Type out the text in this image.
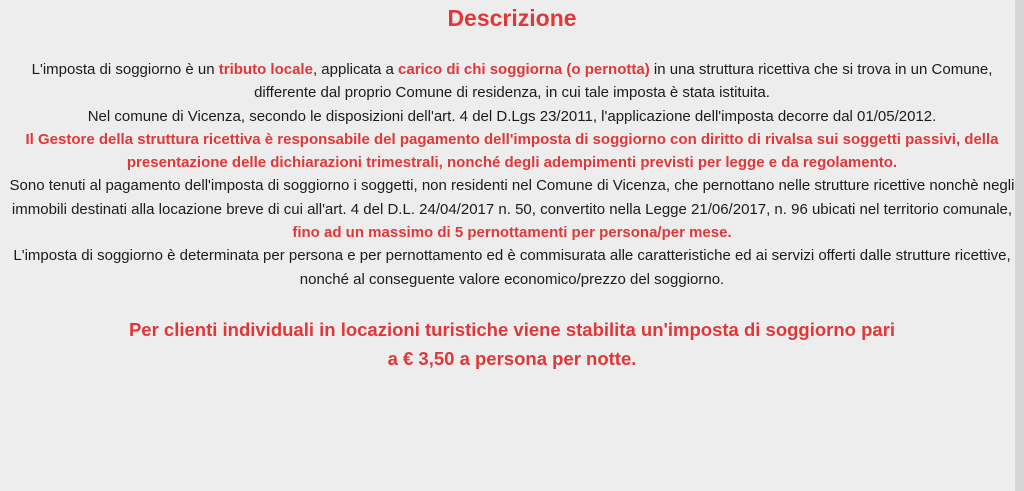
Descrizione

L'imposta di soggiorno è un tributo locale, applicata a carico di chi soggiorna (o pernotta) in una struttura ricettiva che si trova in un Comune, differente dal proprio Comune di residenza, in cui tale imposta è stata istituita.

Nel comune di Vicenza, secondo le disposizioni dell'art. 4 del D.Lgs 23/2011, l'applicazione dell'imposta decorre dal 01/05/2012.

Il Gestore della struttura ricettiva è responsabile del pagamento dell'imposta di soggiorno con diritto di rivalsa sui soggetti passivi, della presentazione delle dichiarazioni trimestrali, nonché degli adempimenti previsti per legge e da regolamento.

Sono tenuti al pagamento dell'imposta di soggiorno i soggetti, non residenti nel Comune di Vicenza, che pernottano nelle strutture ricettive nonchè negli immobili destinati alla locazione breve di cui all'art. 4 del D.L. 24/04/2017 n. 50, convertito nella Legge 21/06/2017, n. 96 ubicati nel territorio comunale, fino ad un massimo di 5 pernottamenti per persona/per mese.

L'imposta di soggiorno è determinata per persona e per pernottamento ed è commisurata alle caratteristiche ed ai servizi offerti dalle strutture ricettive, nonché al conseguente valore economico/prezzo del soggiorno.

Per clienti individuali in locazioni turistiche viene stabilita un'imposta di soggiorno pari
a € 3,50 a persona per notte.
